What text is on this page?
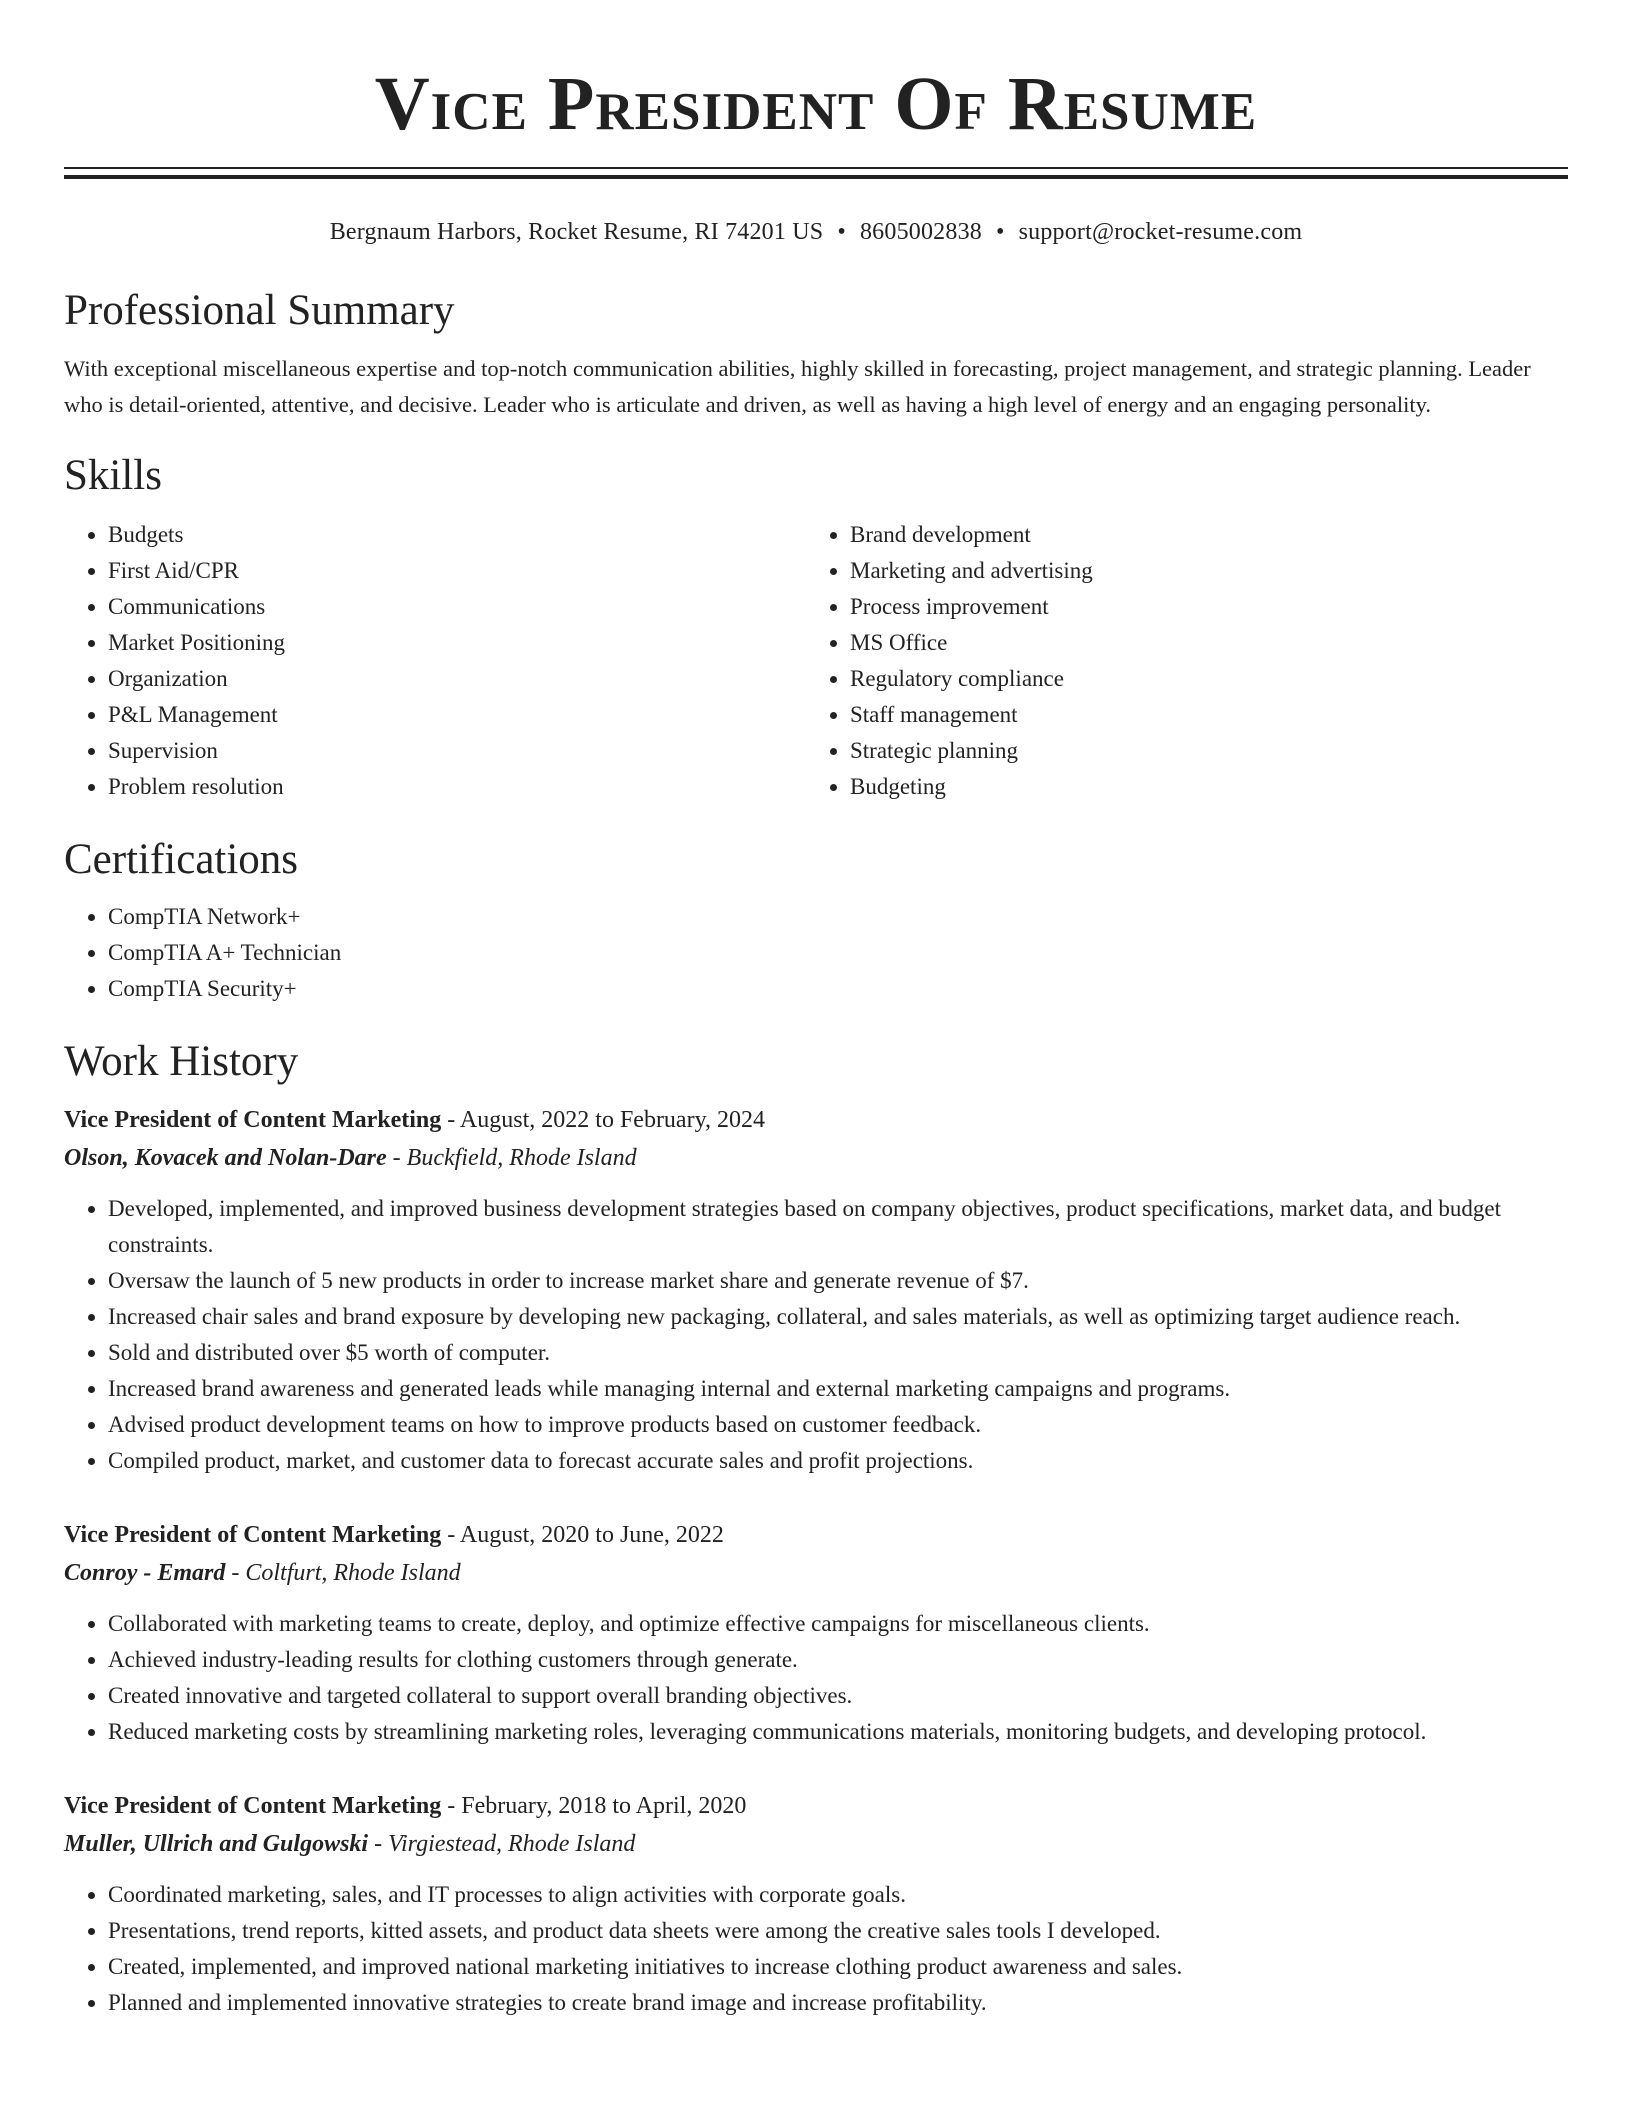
Vice President Of Resume
Bergnaum Harbors, Rocket Resume, RI 74201 US • 8605002838 • support@rocket-resume.com
Professional Summary

With exceptional miscellaneous expertise and top-notch communication abilities, highly skilled in forecasting, project management, and strategic planning. Leader who is detail-oriented, attentive, and decisive. Leader who is articulate and driven, as well as having a high level of energy and an engaging personality.

Skills
• Budgets
• First Aid/CPR
• Communications
• Market Positioning
• Organization
• P&L Management
• Supervision
• Problem resolution
• Brand development
• Marketing and advertising
• Process improvement
• MS Office
• Regulatory compliance
• Staff management
• Strategic planning
• Budgeting
Certifications
• CompTIA Network+
• CompTIA A+ Technician
• CompTIA Security+
Work History
Vice President of Content Marketing - August, 2022 to February, 2024
Olson, Kovacek and Nolan-Dare - Buckfield, Rhode Island
• Developed, implemented, and improved business development strategies based on company objectives, product specifications, market data, and budget constraints.
• Oversaw the launch of 5 new products in order to increase market share and generate revenue of $7.
• Increased chair sales and brand exposure by developing new packaging, collateral, and sales materials, as well as optimizing target audience reach.
• Sold and distributed over $5 worth of computer.
• Increased brand awareness and generated leads while managing internal and external marketing campaigns and programs.
• Advised product development teams on how to improve products based on customer feedback.
• Compiled product, market, and customer data to forecast accurate sales and profit projections.
Vice President of Content Marketing - August, 2020 to June, 2022
Conroy - Emard - Coltfurt, Rhode Island
• Collaborated with marketing teams to create, deploy, and optimize effective campaigns for miscellaneous clients.
• Achieved industry-leading results for clothing customers through generate.
• Created innovative and targeted collateral to support overall branding objectives.
• Reduced marketing costs by streamlining marketing roles, leveraging communications materials, monitoring budgets, and developing protocol.
Vice President of Content Marketing - February, 2018 to April, 2020
Muller, Ullrich and Gulgowski - Virgiestead, Rhode Island
• Coordinated marketing, sales, and IT processes to align activities with corporate goals.
• Presentations, trend reports, kitted assets, and product data sheets were among the creative sales tools I developed.
• Created, implemented, and improved national marketing initiatives to increase clothing product awareness and sales.
• Planned and implemented innovative strategies to create brand image and increase profitability.
